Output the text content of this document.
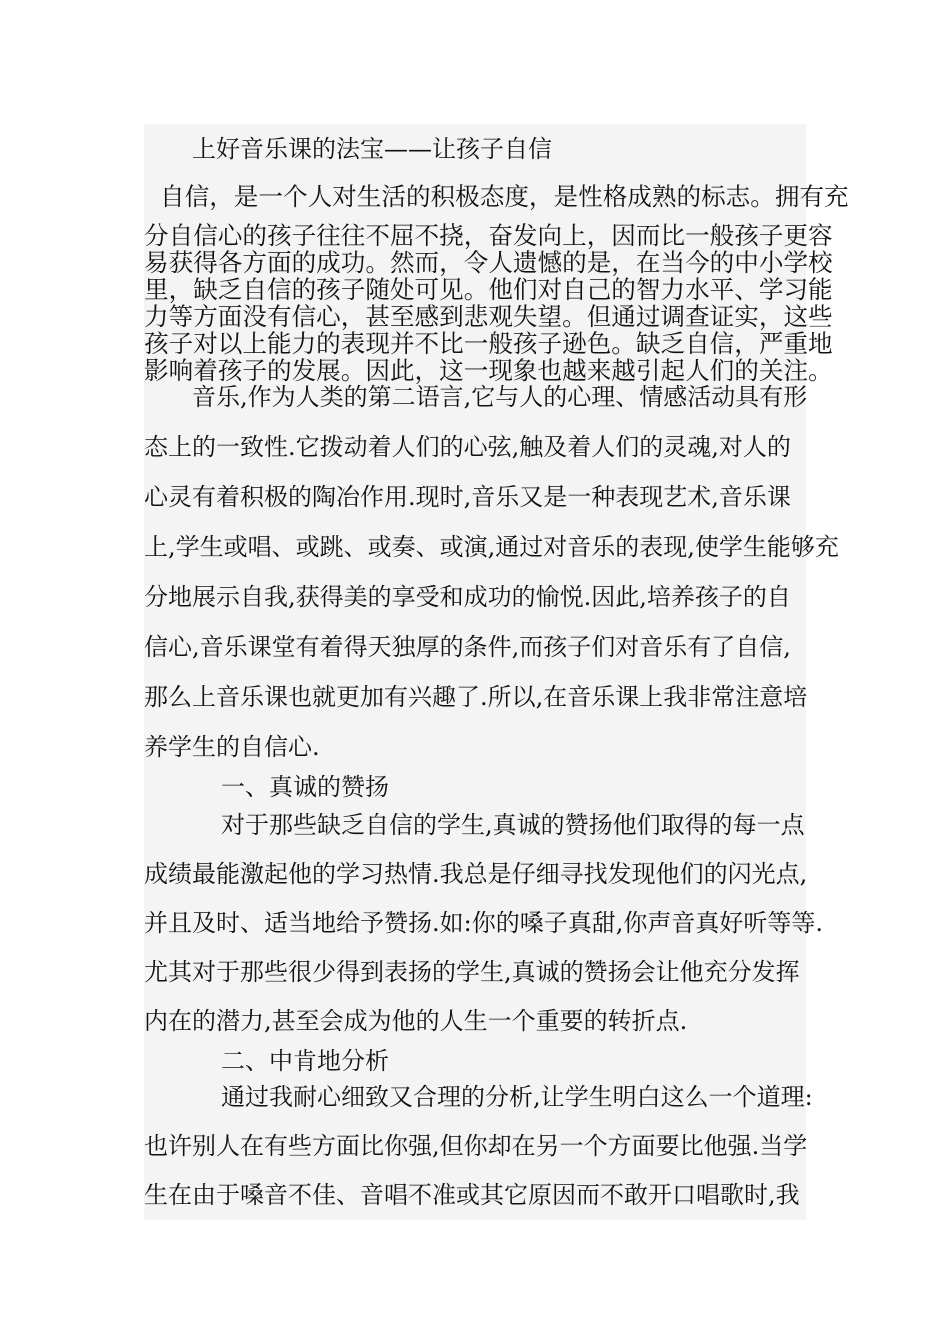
上好音乐课的法宝——让孩子自信
自信，是一个人对生活的积极态度，是性格成熟的标志。拥有充
分自信心的孩子往往不屈不挠，奋发向上，因而比一般孩子更容
易获得各方面的成功。然而，令人遗憾的是，在当今的中小学校
里，缺乏自信的孩子随处可见。他们对自己的智力水平、学习能
力等方面没有信心，甚至感到悲观失望。但通过调查证实，这些
孩子对以上能力的表现并不比一般孩子逊色。缺乏自信，严重地
影响着孩子的发展。因此，这一现象也越来越引起人们的关注。
音乐,作为人类的第二语言,它与人的心理、情感活动具有形
态上的一致性.它拨动着人们的心弦,触及着人们的灵魂,对人的
心灵有着积极的陶冶作用.现时,音乐又是一种表现艺术,音乐课
上,学生或唱、或跳、或奏、或演,通过对音乐的表现,使学生能够充
分地展示自我,获得美的享受和成功的愉悦.因此,培养孩子的自
信心,音乐课堂有着得天独厚的条件,而孩子们对音乐有了自信,
那么上音乐课也就更加有兴趣了.所以,在音乐课上我非常注意培
养学生的自信心.
一、真诚的赞扬
对于那些缺乏自信的学生,真诚的赞扬他们取得的每一点
成绩最能激起他的学习热情.我总是仔细寻找发现他们的闪光点,
并且及时、适当地给予赞扬.如:你的嗓子真甜,你声音真好听等等.
尤其对于那些很少得到表扬的学生,真诚的赞扬会让他充分发挥
内在的潜力,甚至会成为他的人生一个重要的转折点.
二、中肯地分析
通过我耐心细致又合理的分析,让学生明白这么一个道理:
也许别人在有些方面比你强,但你却在另一个方面要比他强.当学
生在由于嗓音不佳、音唱不准或其它原因而不敢开口唱歌时,我
